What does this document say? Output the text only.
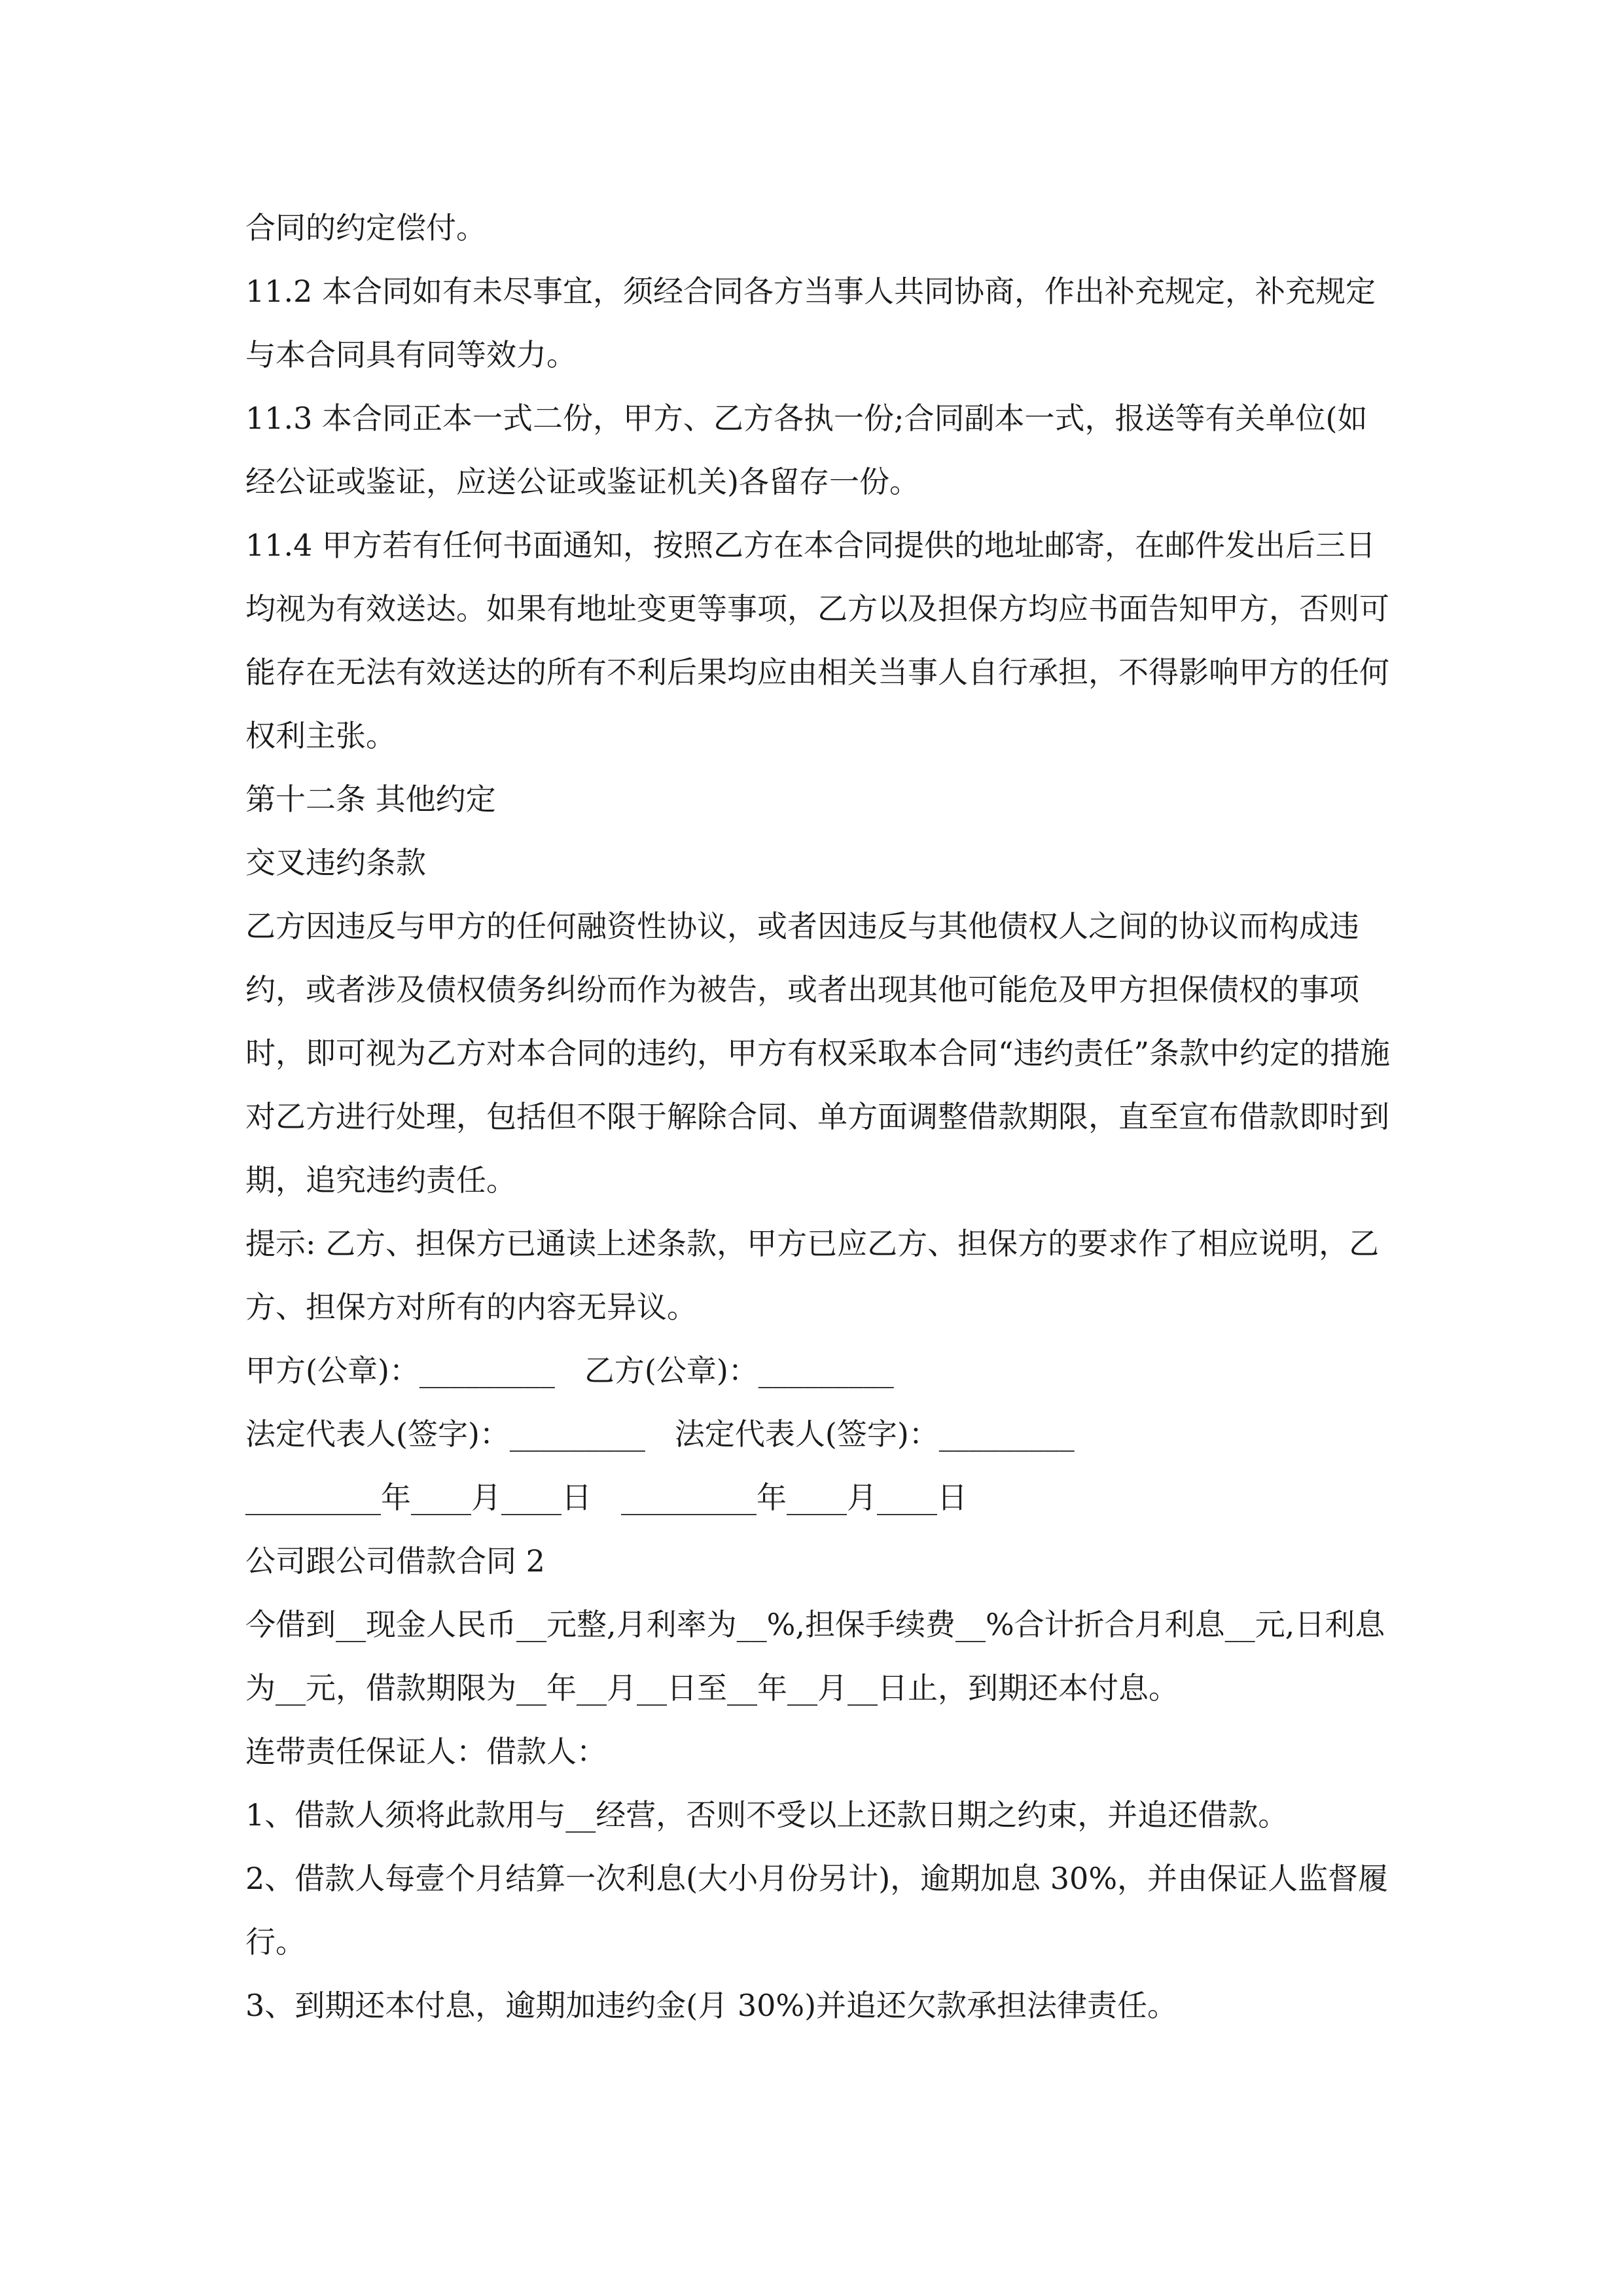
合同的约定偿付。

11.2 本合同如有未尽事宜，须经合同各方当事人共同协商，作出补充规定，补充规定与本合同具有同等效力。

11.3 本合同正本一式二份，甲方、乙方各执一份;合同副本一式，报送等有关单位(如经公证或鉴证，应送公证或鉴证机关)各留存一份。

11.4 甲方若有任何书面通知，按照乙方在本合同提供的地址邮寄，在邮件发出后三日均视为有效送达。如果有地址变更等事项，乙方以及担保方均应书面告知甲方，否则可能存在无法有效送达的所有不利后果均应由相关当事人自行承担，不得影响甲方的任何权利主张。

第十二条 其他约定

交叉违约条款

乙方因违反与甲方的任何融资性协议，或者因违反与其他债权人之间的协议而构成违约，或者涉及债权债务纠纷而作为被告，或者出现其他可能危及甲方担保债权的事项时，即可视为乙方对本合同的违约，甲方有权采取本合同“违约责任”条款中约定的措施对乙方进行处理，包括但不限于解除合同、单方面调整借款期限，直至宣布借款即时到期，追究违约责任。

提示: 乙方、担保方已通读上述条款，甲方已应乙方、担保方的要求作了相应说明，乙方、担保方对所有的内容无异议。

甲方(公章)：_________ 乙方(公章)：_________

法定代表人(签字)：_________ 法定代表人(签字)：_________

_________年____月____日 _________年____月____日

公司跟公司借款合同 2

今借到__现金人民币__元整,月利率为__%,担保手续费__%合计折合月利息__元,日利息为__元，借款期限为__年__月__日至__年__月__日止，到期还本付息。

连带责任保证人：借款人：

1、借款人须将此款用与__经营，否则不受以上还款日期之约束，并追还借款。

2、借款人每壹个月结算一次利息(大小月份另计)，逾期加息 30%，并由保证人监督履行。

3、到期还本付息，逾期加违约金(月 30%)并追还欠款承担法律责任。
